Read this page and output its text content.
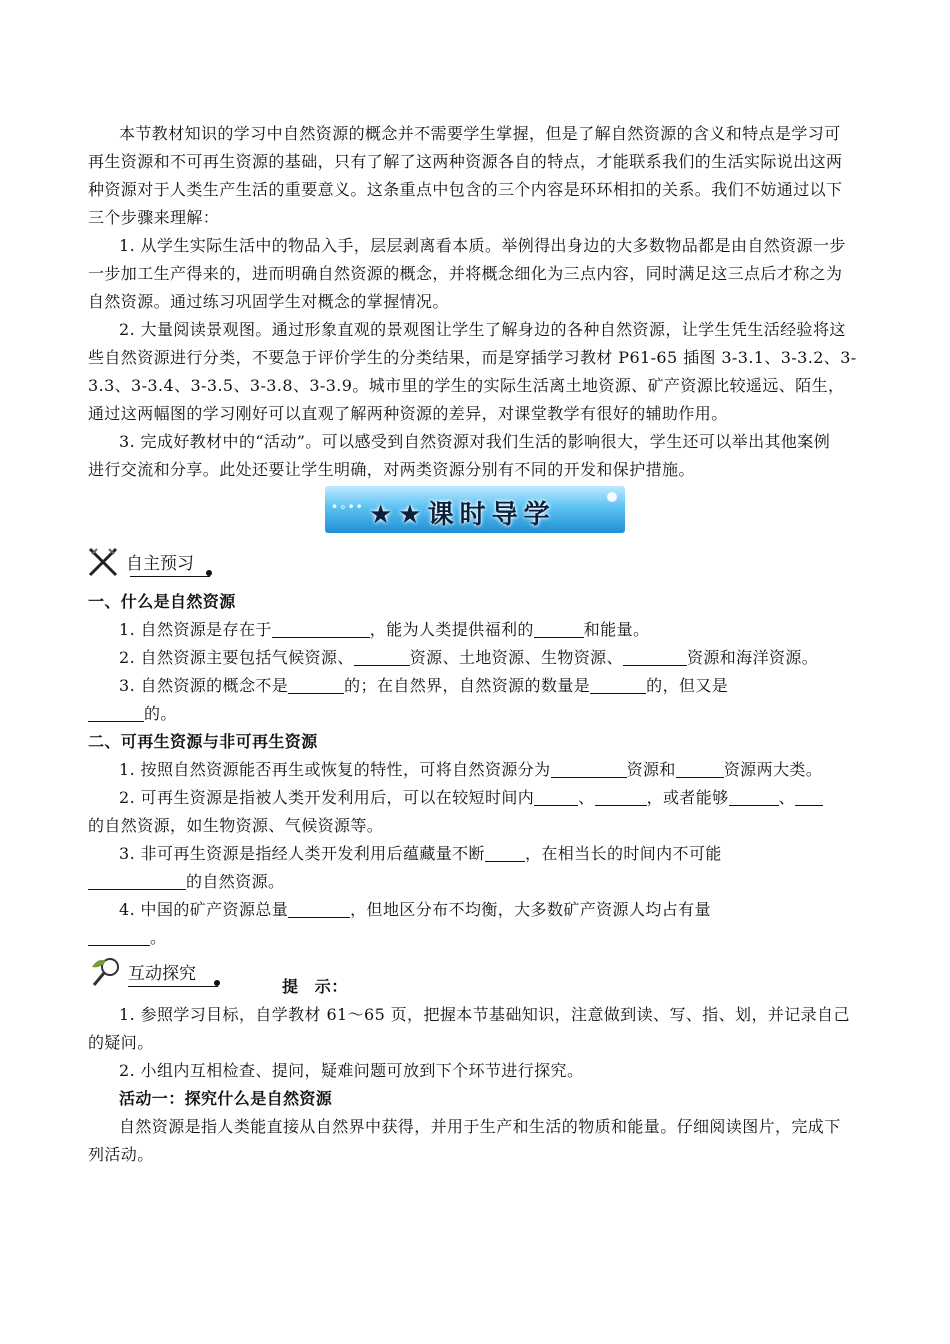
本节教材知识的学习中自然资源的概念并不需要学生掌握，但是了解自然资源的含义和特点是学习可
再生资源和不可再生资源的基础，只有了解了这两种资源各自的特点，才能联系我们的生活实际说出这两
种资源对于人类生产生活的重要意义。这条重点中包含的三个内容是环环相扣的关系。我们不妨通过以下
三个步骤来理解：
1. 从学生实际生活中的物品入手，层层剥离看本质。举例得出身边的大多数物品都是由自然资源一步
一步加工生产得来的，进而明确自然资源的概念，并将概念细化为三点内容，同时满足这三点后才称之为
自然资源。通过练习巩固学生对概念的掌握情况。
2. 大量阅读景观图。通过形象直观的景观图让学生了解身边的各种自然资源，让学生凭生活经验将这
些自然资源进行分类，不要急于评价学生的分类结果，而是穿插学习教材 P61-65 插图 3-3.1、3-3.2、3-
3.3、3-3.4、3-3.5、3-3.8、3-3.9。城市里的学生的实际生活离土地资源、矿产资源比较遥远、陌生，
通过这两幅图的学习刚好可以直观了解两种资源的差异，对课堂教学有很好的辅助作用。
3. 完成好教材中的“活动”。可以感受到自然资源对我们生活的影响很大，学生还可以举出其他案例
进行交流和分享。此处还要让学生明确，对两类资源分别有不同的开发和保护措施。
•∘•• ★★课时导学
自主预习
一、什么是自然资源
1. 自然资源是存在于	，能为人类提供福利的	和能量。
2. 自然资源主要包括气候资源、	资源、土地资源、生物资源、	资源和海洋资源。
3. 自然资源的概念不是	的；在自然界，自然资源的数量是	的，但又是
的。
二、可再生资源与非可再生资源
1. 按照自然资源能否再生或恢复的特性，可将自然资源分为	资源和	资源两大类。
2. 可再生资源是指被人类开发利用后，可以在较短时间内	、	，或者能够	、
的自然资源，如生物资源、气候资源等。
3. 非可再生资源是指经人类开发利用后蕴藏量不断	，在相当长的时间内不可能
的自然资源。
4. 中国的矿产资源总量	，但地区分布不均衡，大多数矿产资源人均占有量
。
互动探究
提　示：
1. 参照学习目标，自学教材 61～65 页，把握本节基础知识，注意做到读、写、指、划，并记录自己
的疑问。
2. 小组内互相检查、提问，疑难问题可放到下个环节进行探究。
活动一：探究什么是自然资源
自然资源是指人类能直接从自然界中获得，并用于生产和生活的物质和能量。仔细阅读图片，完成下
列活动。
